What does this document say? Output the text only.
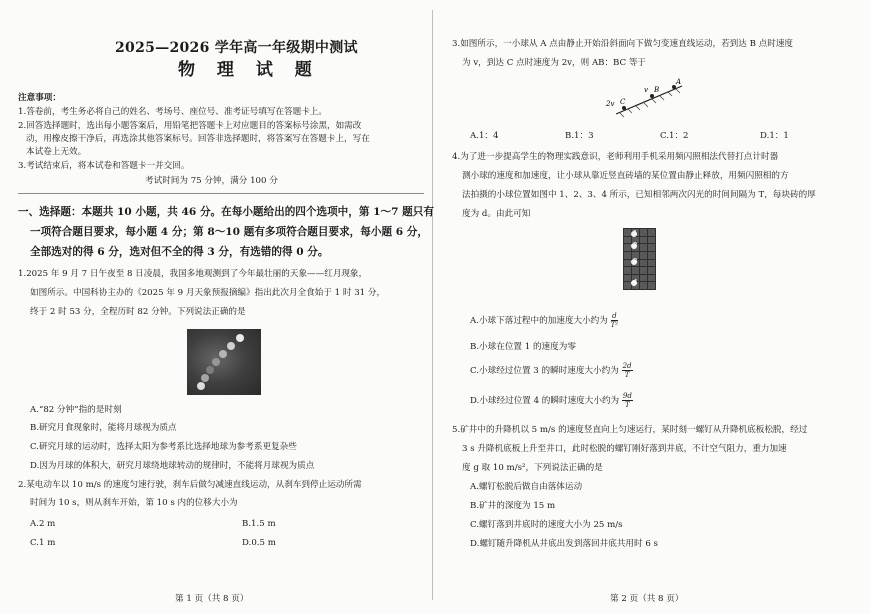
2025—2026 学年高一年级期中测试
物 理 试 题
注意事项：
1.答卷前，考生务必将自己的姓名、考场号、座位号、准考证号填写在答题卡上。
2.回答选择题时，选出每小题答案后，用铅笔把答题卡上对应题目的答案标号涂黑，如需改
动，用橡皮擦干净后，再选涂其他答案标号。回答非选择题时，将答案写在答题卡上，写在
本试卷上无效。
3.考试结束后，将本试卷和答题卡一并交回。
考试时间为 75 分钟，满分 100 分
一、选择题：本题共 10 小题，共 46 分。在每小题给出的四个选项中，第 1～7 题只有
一项符合题目要求，每小题 4 分；第 8～10 题有多项符合题目要求，每小题 6 分，
全部选对的得 6 分，选对但不全的得 3 分，有选错的得 0 分。
1.2025 年 9 月 7 日午夜至 8 日凌晨，我国多地观测到了今年最壮丽的天象——红月现象，
如图所示。中国科协主办的《2025 年 9 月天象预报摘编》指出此次月全食始于 1 时 31 分，
终于 2 时 53 分，全程历时 82 分钟。下列说法正确的是
A.“82 分钟”指的是时刻
B.研究月食现象时，能将月球视为质点
C.研究月球的运动时，选择太阳为参考系比选择地球为参考系更复杂些
D.因为月球的体积大，研究月球绕地球转动的规律时，不能将月球视为质点
2.某电动车以 10 m/s 的速度匀速行驶，刹车后做匀减速直线运动，从刹车到停止运动所需
时间为 10 s，则从刹车开始，第 10 s 内的位移大小为
A.2 m	B.1.5 m
C.1 m	D.0.5 m
第 1 页（共 8 页）
3.如图所示，一小球从 A 点由静止开始沿斜面向下做匀变速直线运动，若到达 B 点时速度
为 v，到达 C 点时速度为 2v，则 AB：BC 等于
2v C
v B
A
A.1：4	B.1：3	C.1：2	D.1：1
4.为了进一步提高学生的物理实践意识，老师利用手机采用频闪照相法代替打点计时器
测小球的速度和加速度，让小球从靠近竖直砖墙的某位置由静止释放，用频闪照相的方
法拍摄的小球位置如图中 1、2、3、4 所示，已知相邻两次闪光的时间间隔为 T，每块砖的厚
度为 d。由此可知
1
2
3
4
A.小球下落过程中的加速度大小约为 $\frac{d}{\text{T²}}$
B.小球在位置 1 的速度为零
C.小球经过位置 3 的瞬时速度大小约为 $\frac{2d}{T}$
D.小球经过位置 4 的瞬时速度大小约为 $\frac{9d}{T}$
5.矿井中的升降机以 5 m/s 的速度竖直向上匀速运行，某时刻一螺钉从升降机底板松脱，经过
3 s 升降机底板上升至井口，此时松脱的螺钉刚好落到井底，不计空气阻力，重力加速
度 g 取 10 m/s²，下列说法正确的是
A.螺钉松脱后做自由落体运动
B.矿井的深度为 15 m
C.螺钉落到井底时的速度大小为 25 m/s
D.螺钉随升降机从井底出发到落回井底共用时 6 s
第 2 页（共 8 页）
